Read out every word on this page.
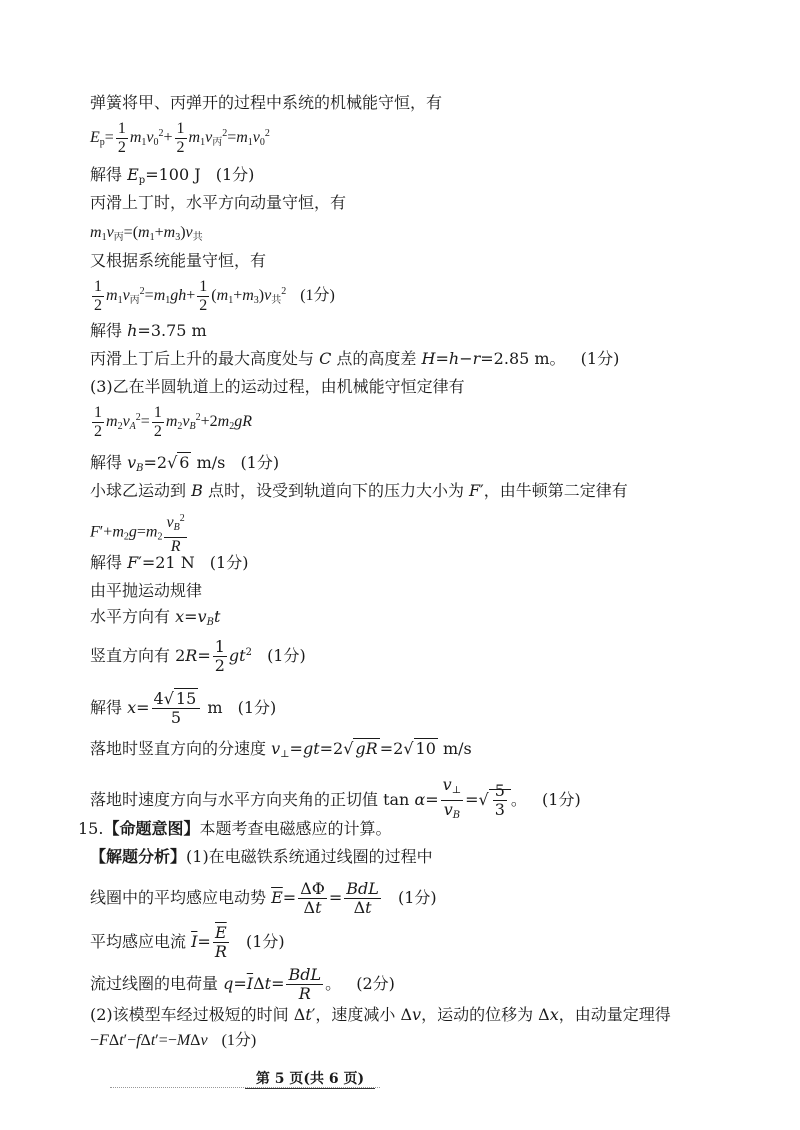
弹簧将甲、丙弹开的过程中系统的机械能守恒，有
$E_p= \frac{1}{2} m_1v_0^2+ \frac{1}{2} m_1v_丙^2=m_1v_0^2$
解得 $E_p=100$ J (1分)
丙滑上丁时，水平方向动量守恒，有
$m_1v_丙=(m_1+m_3)v_共$
又根据系统能量守恒，有
$\frac{1}{2} m_1v_丙^2=m_1gh+ \frac{1}{2} (m_1+m_3)v_共^2$ (1分)
解得 h=3.75 m
丙滑上丁后上升的最大高度处与 C 点的高度差 H=h−r=2.85 m。 (1分)
(3)乙在半圆轨道上的运动过程，由机械能守恒定律有
$\frac{1}{2} m_2v_A^2= \frac{1}{2} m_2v_B^2+2m_2gR$
解得 $v_B=2√$ 6 m/s (1分)
小球乙运动到 B 点时，设受到轨道向下的压力大小为 F′，由牛顿第二定律有
$F'+m_2g=m_2 \frac{v_B^2}{R}$
解得 F′=21 N (1分)
由平抛运动规律
水平方向有 $x=v_Bt$
竖直方向有 $2R= \frac{1}{2} gt^2$ (1分)
解得 $x= \frac{4√ 15}{5}$ m (1分)
落地时竖直方向的分速度 $v_\perp=gt=2√$ gR =2√ 10 m/s
落地时速度方向与水平方向夹角的正切值 $\tan \alpha= \frac{v_\perp}{v_B}$ =√ $\frac{5}{3}$ 。 (1分)
15.【命题意图】本题考查电磁感应的计算。
【解题分析】(1)在电磁铁系统通过线圈的过程中
线圈中的平均感应电动势 $\overline{E}= \frac{\Delta\Phi}{\Delta t} = \frac{\text{BdL}}{\Delta t} (1$分)
平均感应电流 $\overline{I}= \frac{\overline{E}}{R} (1$分)
流过线圈的电荷量 $q=\overline{I}\Delta t= \frac{\text{BdL}}{R}$ 。 (2分)
(2)该模型车经过极短的时间 Δt′，速度减小 Δv，运动的位移为 Δx，由动量定理得
−FΔt′−fΔt′=−MΔv (1分)
第 5 页(共 6 页)
